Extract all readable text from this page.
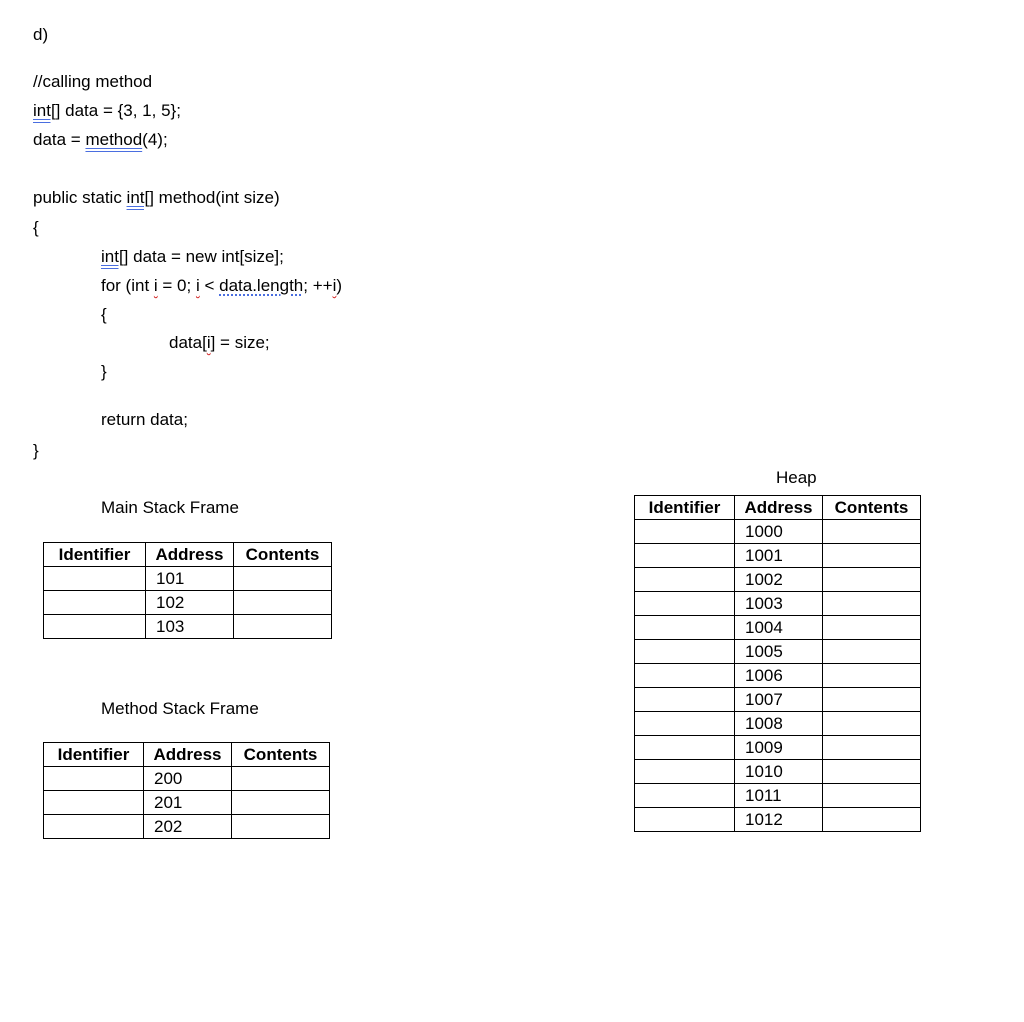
d)
//calling method
int[] data = {3, 1, 5};
data = method(4);
public static int[] method(int size)
{
int[] data = new int[size];
for (int i = 0; i < data.length; ++i)
{
data[i] = size;
}
return data;
}
Main Stack Frame
Identifier	Address	Contents
	101	
	102	
	103	
Method Stack Frame
Identifier	Address	Contents
	200	
	201	
	202	
Heap
Identifier	Address	Contents
	1000	
	1001	
	1002	
	1003	
	1004	
	1005	
	1006	
	1007	
	1008	
	1009	
	1010	
	1011	
	1012	
